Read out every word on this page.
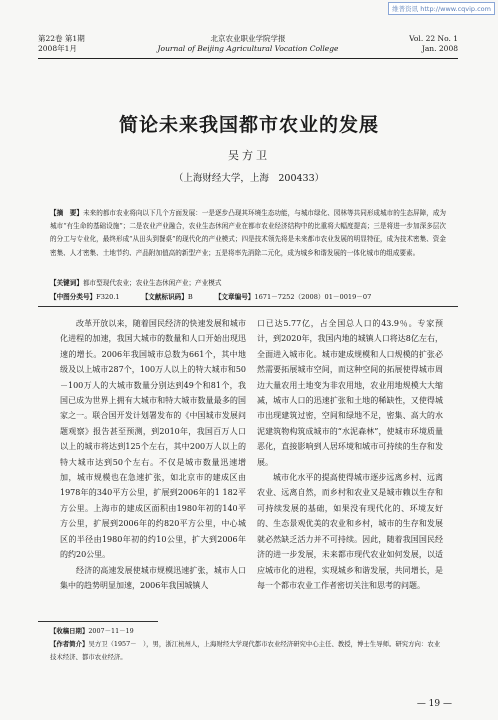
维普资讯 http://www.cqvip.com
第22卷 第1期
2008年1月
北京农业职业学院学报
Journal of Beijing Agricultural Vocation College
Vol. 22 No. 1
Jan. 2008
简论未来我国都市农业的发展
吴方卫
（上海财经大学，上海　200433）
【摘　要】未来的都市农业将向以下几个方面发展：一是逐步凸现其环境生态功能，与城市绿化、园林等共同形成城市的生态屏障，成为城市“有生命的基础设施”；二是农业产业融合，农业生态休闲产业在都市农业经济结构中的比重将大幅度提高；三是将进一步加深多层次的分工与专业化，最终形成“从田头到餐桌”的现代化的产业模式；四是技术领先将是未来都市农业发展的明显特征，成为技术密集、资金密集、人才密集、土地节约、产品附加值高的新型产业；五是将率先消除二元化，成为城乡和谐发展的一体化城市的组成要素。
【关键词】都市型现代农业；农业生态休闲产业；产业模式
【中图分类号】F320.1	【文献标识码】B	【文章编号】1671－7252（2008）01－0019－07

改革开放以来，随着国民经济的快速发展和城市化进程的加速，我国大城市的数量和人口开始出现迅速的增长。2006年我国城市总数为661个，其中地级及以上城市287个，100万人以上的特大城市和50－100万人的大城市数量分别达到49个和81个，我国已成为世界上拥有大城市和特大城市数量最多的国家之一。联合国开发计划署发布的《中国城市发展问题观察》报告甚至预测，到2010年，我国百万人口以上的城市将达到125个左右，其中200万人以上的特大城市达到50个左右。不仅是城市数量迅速增加，城市规模也在急速扩张，如北京市的建成区由1978年的340平方公里，扩展到2006年的1 182平方公里。上海市的建成区面积由1980年初的140平方公里，扩展到2006年的约820平方公里，中心城区的半径由1980年初的约10公里，扩大到2006年的约20公里。

经济的高速发展使城市规模迅速扩张，城市人口集中的趋势明显加速，2006年我国城镇人

口已达5.77亿，占全国总人口的43.9％。专家预计，到2020年，我国内地的城镇人口将达8亿左右，全面进入城市化。城市建成规模和人口规模的扩张必然需要拓展城市空间，而这种空间的拓展使得城市周边大量农用土地变为非农用地，农业用地规模大大缩减，城市人口的迅速扩张和土地的稀缺性，又使得城市出现建筑过密，空间和绿地不足，密集、高大的水泥建筑物构筑成城市的“水泥森林”，使城市环境质量恶化，直接影响到人居环境和城市可持续的生存和发展。

城市化水平的提高使得城市逐步远离乡村、远离农业、远离自然，而乡村和农业又是城市赖以生存和可持续发展的基础，如果没有现代化的、环境友好的、生态景观优美的农业和乡村，城市的生存和发展就必然缺乏活力并不可持续。因此，随着我国国民经济的进一步发展，未来都市现代农业如何发展，以适应城市化的进程，实现城乡和谐发展，共同增长，是每一个都市农业工作者密切关注和思考的问题。

【收稿日期】2007－11－19
【作者简介】吴方卫（1957－　），男，浙江杭州人，上海财经大学现代都市农业经济研究中心主任、教授，博士生导师。研究方向：农业技术经济、都市农业经济。
— 19 —
